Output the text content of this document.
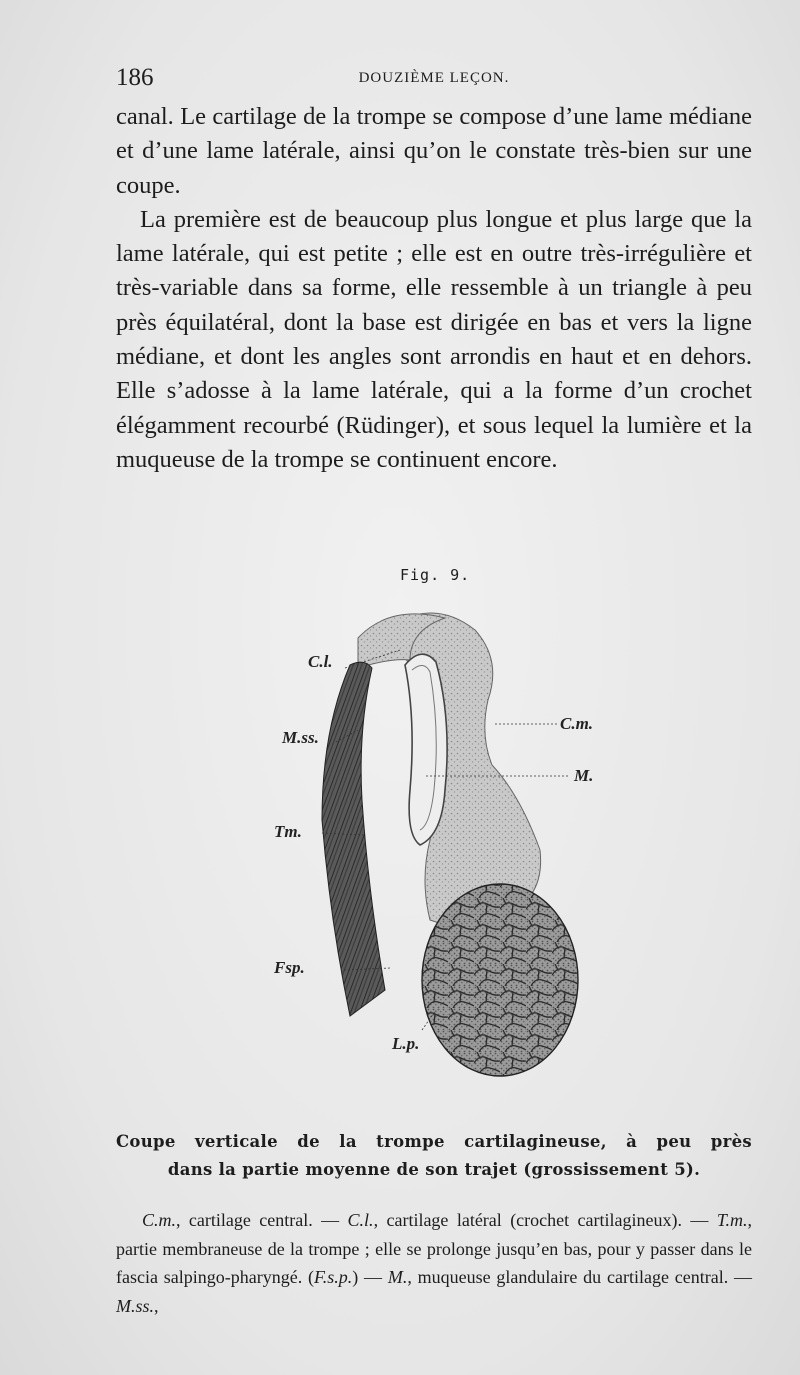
186	DOUZIÈME LEÇON.

canal. Le cartilage de la trompe se compose d’une lame médiane et d’une lame latérale, ainsi qu’on le constate très-bien sur une coupe.

La première est de beaucoup plus longue et plus large que la lame latérale, qui est petite ; elle est en outre très-irrégulière et très-variable dans sa forme, elle ressemble à un triangle à peu près équilatéral, dont la base est dirigée en bas et vers la ligne médiane, et dont les angles sont arrondis en haut et en dehors. Elle s’adosse à la lame latérale, qui a la forme d’un crochet élégamment recourbé (Rüdinger), et sous lequel la lumière et la muqueuse de la trompe se continuent encore.

Fig. 9.
C.l.
M.ss.
Tm.
Fsp.
L.p.
C.m.
M.
Coupe verticale de la trompe cartilagineuse, à peu près
dans la partie moyenne de son trajet (grossissement 5).

C.m., cartilage central. — C.l., cartilage latéral (crochet cartilagineux). — T.m., partie membraneuse de la trompe ; elle se prolonge jusqu’en bas, pour y passer dans le fascia salpingo-pharyngé. (F.s.p.) — M., muqueuse glandulaire du cartilage central. — M.ss.,
